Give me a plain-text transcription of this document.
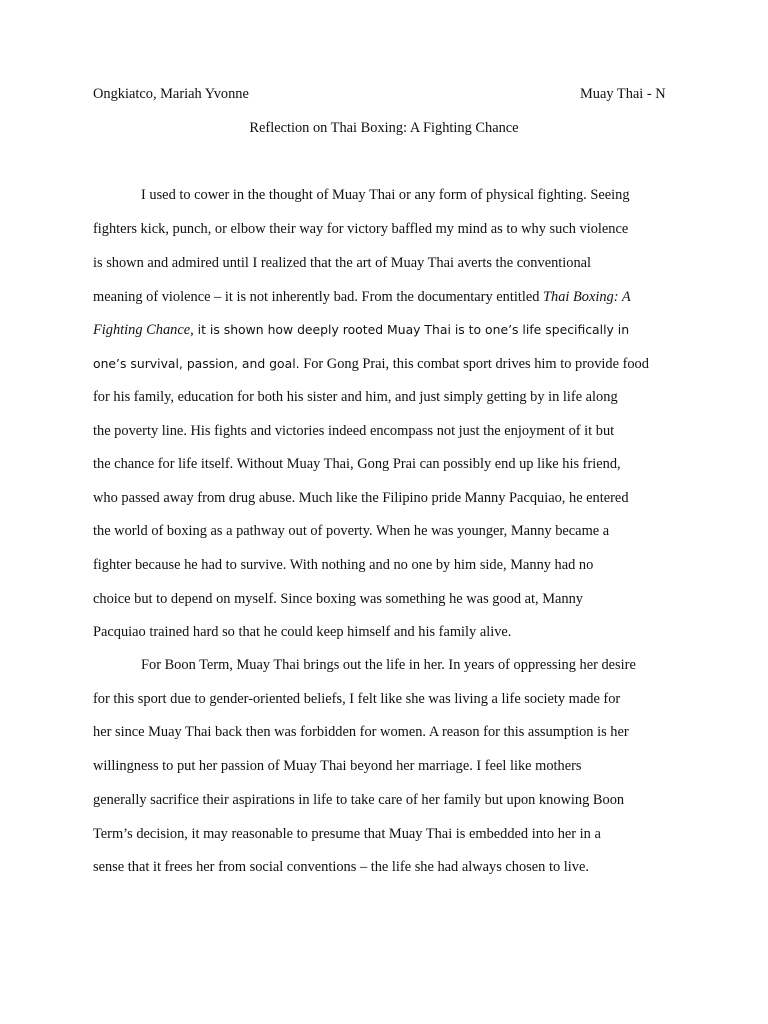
Ongkiatco, Mariah Yvonne	Muay Thai - N
Reflection on Thai Boxing: A Fighting Chance
I used to cower in the thought of Muay Thai or any form of physical fighting. Seeing
fighters kick, punch, or elbow their way for victory baffled my mind as to why such violence
is shown and admired until I realized that the art of Muay Thai averts the conventional
meaning of violence – it is not inherently bad. From the documentary entitled Thai Boxing: A
Fighting Chance, it is shown how deeply rooted Muay Thai is to one’s life specifically in
one’s survival, passion, and goal. For Gong Prai, this combat sport drives him to provide food
for his family, education for both his sister and him, and just simply getting by in life along
the poverty line. His fights and victories indeed encompass not just the enjoyment of it but
the chance for life itself. Without Muay Thai, Gong Prai can possibly end up like his friend,
who passed away from drug abuse. Much like the Filipino pride Manny Pacquiao, he entered
the world of boxing as a pathway out of poverty. When he was younger, Manny became a
fighter because he had to survive. With nothing and no one by him side, Manny had no
choice but to depend on myself. Since boxing was something he was good at, Manny
Pacquiao trained hard so that he could keep himself and his family alive.
For Boon Term, Muay Thai brings out the life in her. In years of oppressing her desire
for this sport due to gender-oriented beliefs, I felt like she was living a life society made for
her since Muay Thai back then was forbidden for women. A reason for this assumption is her
willingness to put her passion of Muay Thai beyond her marriage. I feel like mothers
generally sacrifice their aspirations in life to take care of her family but upon knowing Boon
Term’s decision, it may reasonable to presume that Muay Thai is embedded into her in a
sense that it frees her from social conventions – the life she had always chosen to live.
